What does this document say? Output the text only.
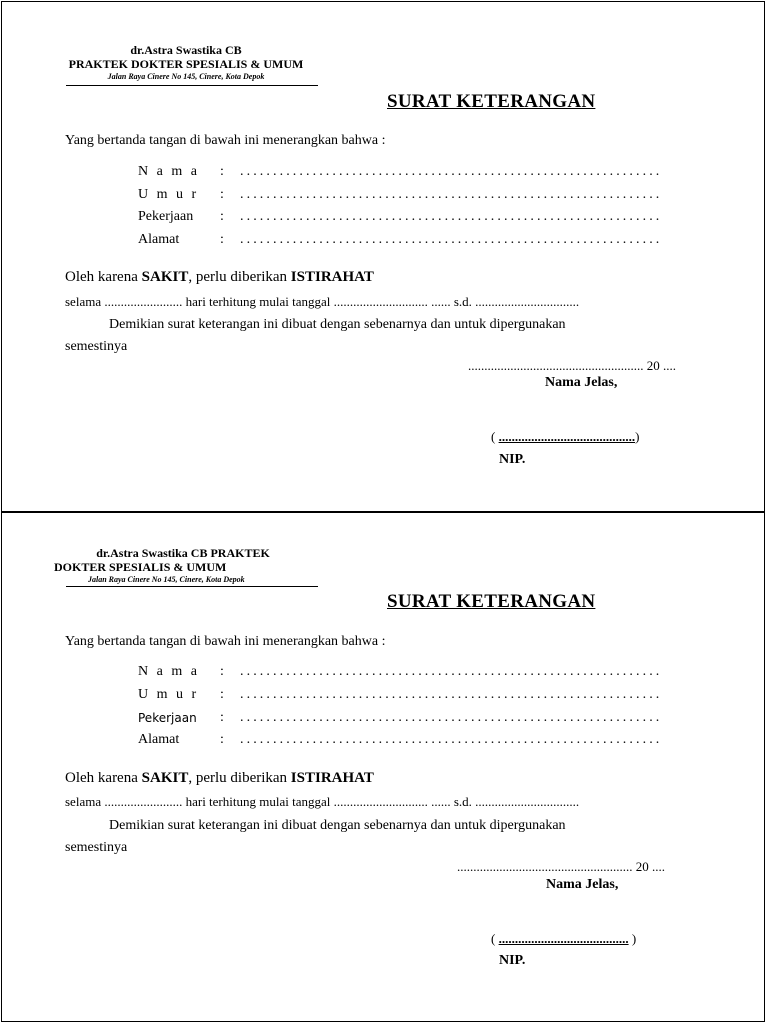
dr.Astra Swastika CB
PRAKTEK DOKTER SPESIALIS & UMUM
Jalan Raya Cinere No 145, Cinere, Kota Depok
SURAT KETERANGAN
Yang bertanda tangan di bawah ini menerangkan bahwa :
N a m a : ................................................................
U m u r : ................................................................
Pekerjaan : ................................................................
Alamat	: ................................................................
Oleh karena SAKIT, perlu diberikan ISTIRAHAT
selama ........................ hari terhitung mulai tanggal ............................. ...... s.d. ................................
Demikian surat keterangan ini dibuat dengan sebenarnya dan untuk dipergunakan
semestinya
...................................................... 20 ....
Nama Jelas,
( ..........................................)
NIP.
dr.Astra Swastika CB PRAKTEK
DOKTER SPESIALIS & UMUM
Jalan Raya Cinere No 145, Cinere, Kota Depok
SURAT KETERANGAN
Yang bertanda tangan di bawah ini menerangkan bahwa :
N a m a : ................................................................
U m u r : ................................................................
Pekerjaan : ................................................................
Alamat	: ................................................................
Oleh karena SAKIT, perlu diberikan ISTIRAHAT
selama ........................ hari terhitung mulai tanggal ............................. ...... s.d. ................................
Demikian surat keterangan ini dibuat dengan sebenarnya dan untuk dipergunakan
semestinya
...................................................... 20 ....
Nama Jelas,
( ........................................ )
NIP.
